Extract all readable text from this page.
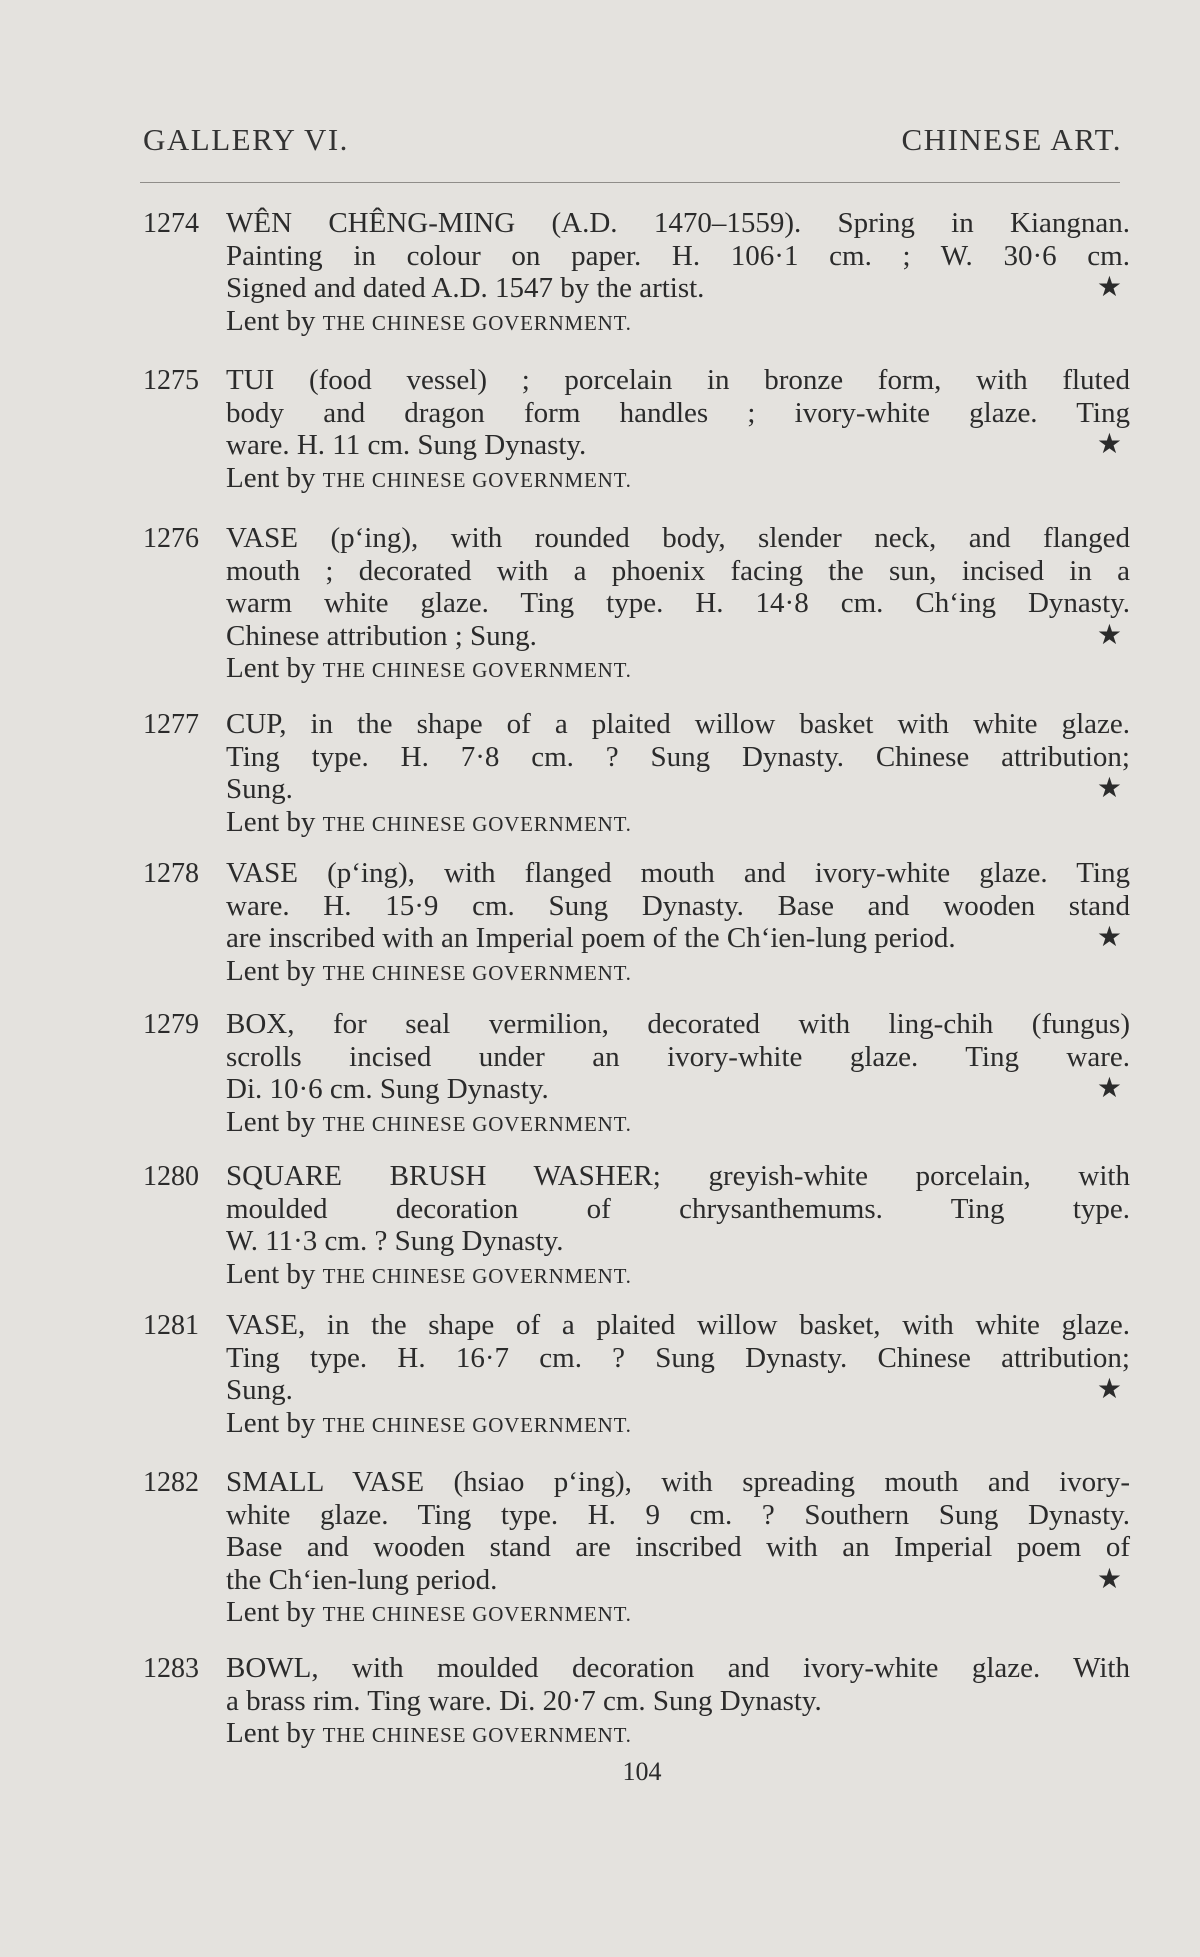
GALLERY VI.	CHINESE ART.
1274 WÊN CHÊNG-MING (A.D. 1470–1559). Spring in Kiangnan.
Painting in colour on paper. H. 106·1 cm. ; W. 30·6 cm.
Signed and dated A.D. 1547 by the artist.	★
Lent by THE CHINESE GOVERNMENT.
1275 TUI (food vessel) ; porcelain in bronze form, with fluted
body and dragon form handles ; ivory-white glaze. Ting
ware. H. 11 cm. Sung Dynasty.	★
Lent by THE CHINESE GOVERNMENT.
1276 VASE (p‘ing), with rounded body, slender neck, and flanged
mouth ; decorated with a phoenix facing the sun, incised in a
warm white glaze. Ting type. H. 14·8 cm. Ch‘ing Dynasty.
Chinese attribution ; Sung.	★
Lent by THE CHINESE GOVERNMENT.
1277 CUP, in the shape of a plaited willow basket with white glaze.
Ting type. H. 7·8 cm. ? Sung Dynasty. Chinese attribution;
Sung.	★
Lent by THE CHINESE GOVERNMENT.
1278 VASE (p‘ing), with flanged mouth and ivory-white glaze. Ting
ware. H. 15·9 cm. Sung Dynasty. Base and wooden stand
are inscribed with an Imperial poem of the Ch‘ien-lung period.	★
Lent by THE CHINESE GOVERNMENT.
1279 BOX, for seal vermilion, decorated with ling-chih (fungus)
scrolls incised under an ivory-white glaze. Ting ware.
Di. 10·6 cm. Sung Dynasty.	★
Lent by THE CHINESE GOVERNMENT.
1280 SQUARE BRUSH WASHER; greyish-white porcelain, with
moulded decoration of chrysanthemums. Ting type.
W. 11·3 cm. ? Sung Dynasty.
Lent by THE CHINESE GOVERNMENT.
1281 VASE, in the shape of a plaited willow basket, with white glaze.
Ting type. H. 16·7 cm. ? Sung Dynasty. Chinese attribution;
Sung.	★
Lent by THE CHINESE GOVERNMENT.
1282 SMALL VASE (hsiao p‘ing), with spreading mouth and ivory-
white glaze. Ting type. H. 9 cm. ? Southern Sung Dynasty.
Base and wooden stand are inscribed with an Imperial poem of
the Ch‘ien-lung period.	★
Lent by THE CHINESE GOVERNMENT.
1283 BOWL, with moulded decoration and ivory-white glaze. With
a brass rim. Ting ware. Di. 20·7 cm. Sung Dynasty.
Lent by THE CHINESE GOVERNMENT.
104
